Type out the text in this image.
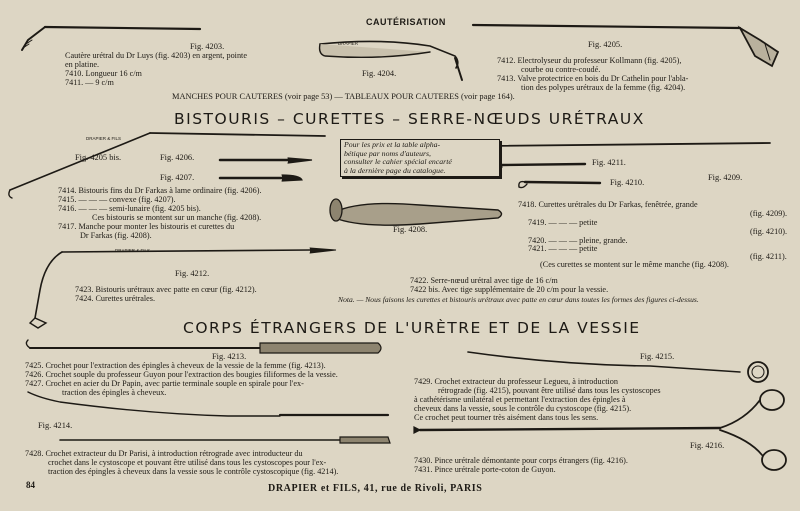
DRAPIER
DRAPIER & FILS
DRAPIER & FILS
CAUTÉRISATION
Fig. 4203.
Fig. 4204.
Fig. 4205.
Cautère urétral du Dr Luys (fig. 4203) en argent, pointe
en platine.
7410. Longueur 16 c/m
7411. — 9 c/m
7412. Electrolyseur du professeur Kollmann (fig. 4205),
courbe ou contre-coudé.
7413. Valve protectrice en bois du Dr Cathelin pour l'abla-
tion des polypes urétraux de la femme (fig. 4204).
MANCHES POUR CAUTERES (voir page 53) — TABLEAUX POUR CAUTERES (voir page 164).
BISTOURIS – CURETTES – SERRE-NŒUDS URÉTRAUX
Pour les prix et la table alpha-
bétique par noms d'auteurs,
consulter le cahier spécial encarté
à la dernière page du catalogue.
Fig. 4205 bis.	Fig. 4206.
Fig. 4207.
7414. Bistouris fins du Dr Farkas à lame ordinaire (fig. 4206).
7415. — — — convexe (fig. 4207).
7416. — — — semi-lunaire (fig. 4205 bis).
Ces bistouris se montent sur un manche (fig. 4208).
7417. Manche pour monter les bistouris et curettes du
Dr Farkas (fig. 4208).
Fig. 4208.
Fig. 4211.
Fig. 4210.
Fig. 4209.
7418. Curettes urétrales du Dr Farkas, fenêtrée, grande
(fig. 4209).
7419. — — — petite
(fig. 4210).
7420. — — — pleine, grande.
7421. — — — petite
(fig. 4211).
(Ces curettes se montent sur le même manche (fig. 4208).
Fig. 4212.
7423. Bistouris urétraux avec patte en cœur (fig. 4212).
7424. Curettes urétrales.
7422. Serre-nœud urétral avec tige de 16 c/m
7422 bis. Avec tige supplémentaire de 20 c/m pour la vessie.
Nota. — Nous faisons les curettes et bistouris urétraux avec patte en cœur dans toutes les formes des figures ci-dessus.
CORPS ÉTRANGERS DE L'URÈTRE ET DE LA VESSIE
Fig. 4213.
7425. Crochet pour l'extraction des épingles à cheveux de la vessie de la femme (fig. 4213).
7426. Crochet souple du professeur Guyon pour l'extraction des bougies filiformes de la vessie.
7427. Crochet en acier du Dr Papin, avec partie terminale souple en spirale pour l'ex-
traction des épingles à cheveux.
Fig. 4214.
7428. Crochet extracteur du Dr Parisi, à introduction rétrograde avec introducteur du
crochet dans le cystoscope et pouvant être utilisé dans tous les cystoscopes pour l'ex-
traction des épingles à cheveux dans la vessie sous le contrôle cystoscopique (fig. 4214).
Fig. 4215.
7429. Crochet extracteur du professeur Legueu, à introduction
rétrograde (fig. 4215), pouvant être utilisé dans tous les cystoscopes
à cathétérisme unilatéral et permettant l'extraction des épingles à
cheveux dans la vessie, sous le contrôle du cystoscope (fig. 4215).
Ce crochet peut tourner très aisément dans tous les sens.
Fig. 4216.
7430. Pince urétrale démontante pour corps étrangers (fig. 4216).
7431. Pince urétrale porte-coton de Guyon.
84	DRAPIER et FILS, 41, rue de Rivoli, PARIS
